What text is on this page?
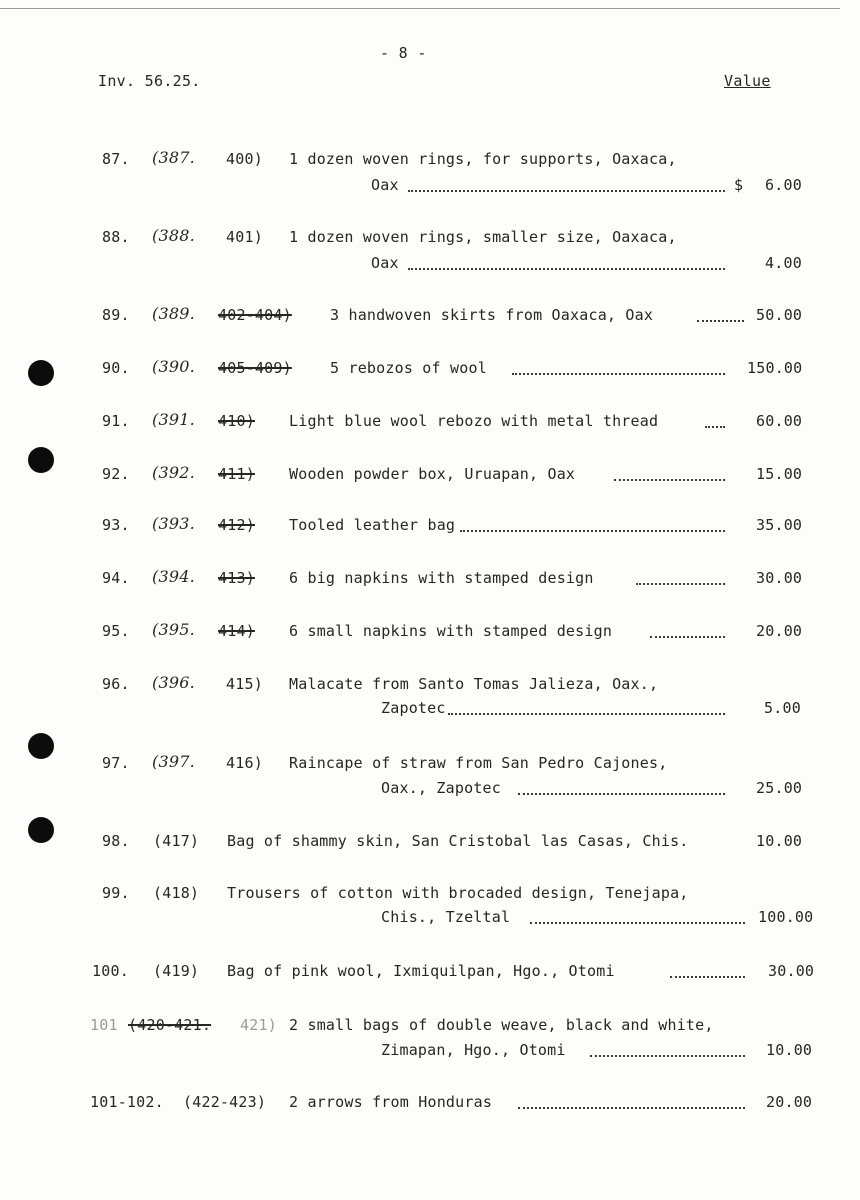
- 8 -
Inv. 56.25.	Value
87. (387. 400) 1 dozen woven rings, for supports, Oaxaca,
Oax	$ 6.00
88. (388. 401) 1 dozen woven rings, smaller size, Oaxaca,
Oax	4.00
89. (389. 402-404)	3 handwoven skirts from Oaxaca, Oax	50.00
90. (390. 405-409)	5 rebozos of wool	150.00
91. (391. 410) Light blue wool rebozo with metal thread	60.00
92. (392. 411) Wooden powder box, Uruapan, Oax	15.00
93. (393. 412) Tooled leather bag	35.00
94. (394. 413) 6 big napkins with stamped design	30.00
95. (395. 414) 6 small napkins with stamped design	20.00
96. (396. 415) Malacate from Santo Tomas Jalieza, Oax.,
Zapotec	5.00
97. (397. 416) Raincape of straw from San Pedro Cajones,
Oax., Zapotec	25.00
98. (417) Bag of shammy skin, San Cristobal las Casas, Chis.	10.00
99. (418) Trousers of cotton with brocaded design, Tenejapa,
Chis., Tzeltal	100.00
100. (419) Bag of pink wool, Ixmiquilpan, Hgo., Otomi	30.00
101 (420-421. 421) 2 small bags of double weave, black and white,
Zimapan, Hgo., Otomi	10.00
101-102. (422-423) 2 arrows from Honduras	20.00
